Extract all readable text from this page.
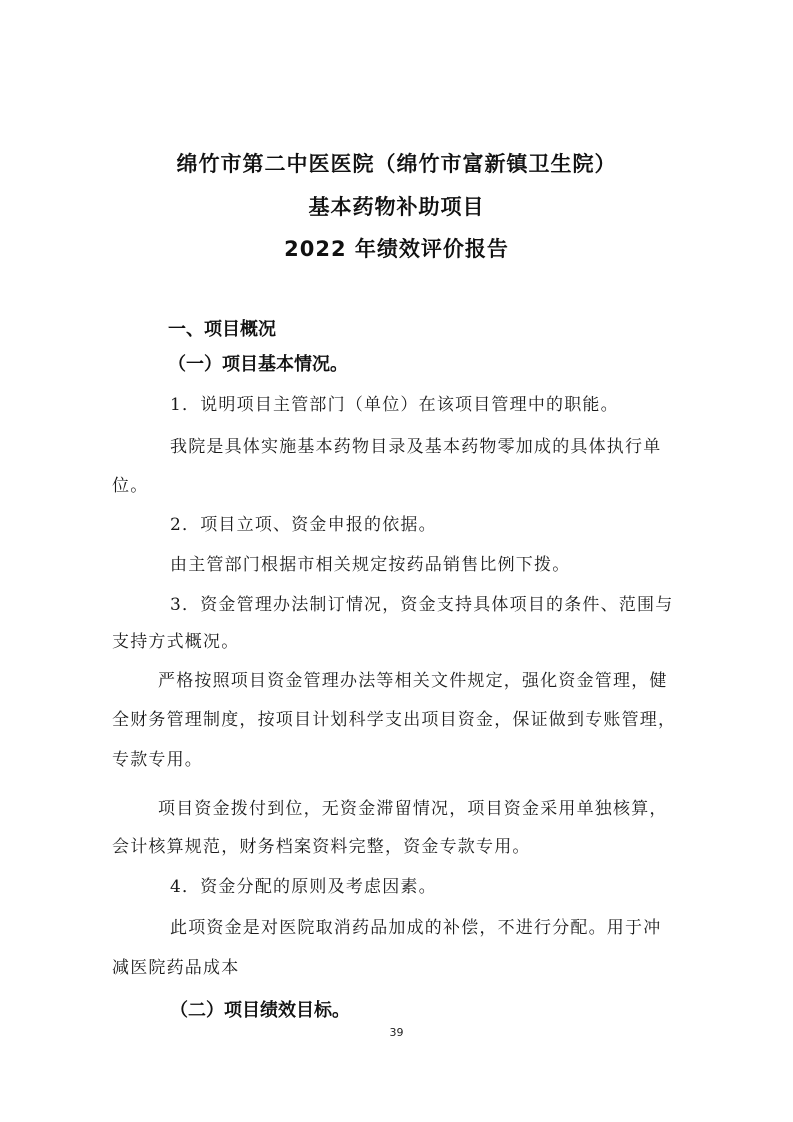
绵竹市第二中医医院（绵竹市富新镇卫生院）
基本药物补助项目
2022 年绩效评价报告
一、项目概况
（一）项目基本情况。
1．说明项目主管部门（单位）在该项目管理中的职能。
我院是具体实施基本药物目录及基本药物零加成的具体执行单
位。
2．项目立项、资金申报的依据。
由主管部门根据市相关规定按药品销售比例下拨。
3．资金管理办法制订情况，资金支持具体项目的条件、范围与
支持方式概况。
严格按照项目资金管理办法等相关文件规定，强化资金管理，健
全财务管理制度，按项目计划科学支出项目资金，保证做到专账管理，
专款专用。
项目资金拨付到位，无资金滞留情况，项目资金采用单独核算，
会计核算规范，财务档案资料完整，资金专款专用。
4．资金分配的原则及考虑因素。
此项资金是对医院取消药品加成的补偿，不进行分配。用于冲
减医院药品成本
（二）项目绩效目标。
39
